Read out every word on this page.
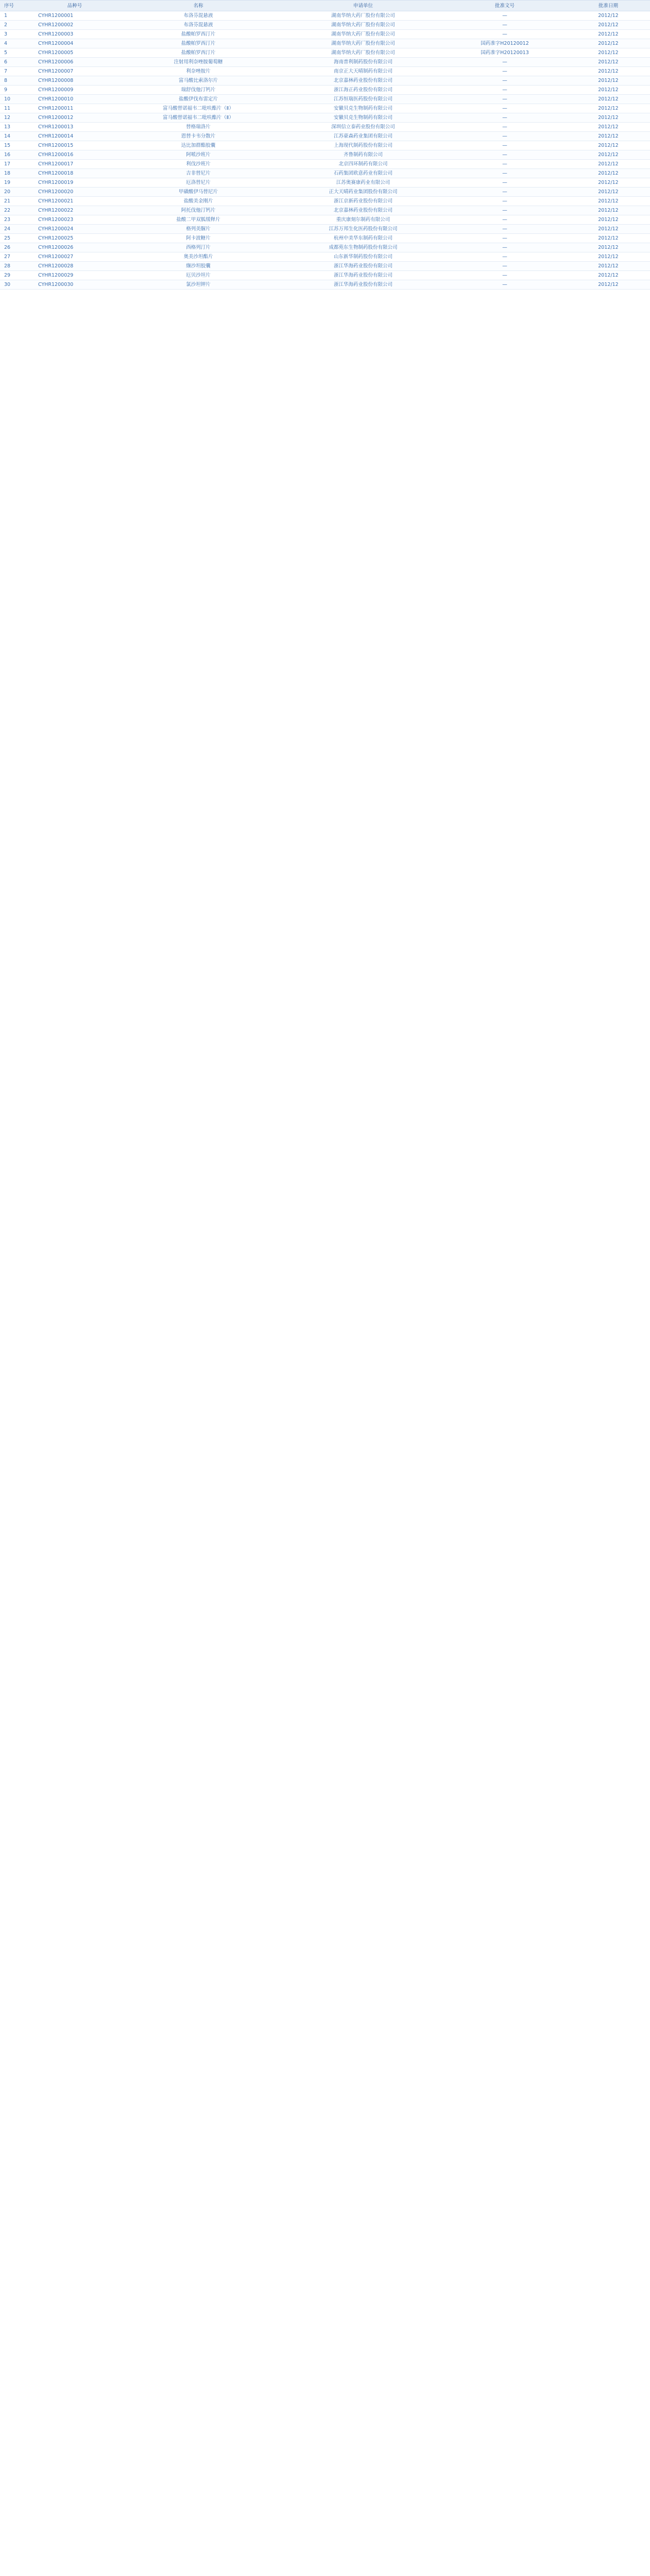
序号	品种号	名称	申请单位	批准文号	批准日期
1	CYHR1200001	布洛芬混悬液	湖南华纳大药厂股份有限公司	—	2012/12
2	CYHR1200002	布洛芬混悬液	湖南华纳大药厂股份有限公司	—	2012/12
3	CYHR1200003	盐酸帕罗西汀片	湖南华纳大药厂股份有限公司	—	2012/12
4	CYHR1200004	盐酸帕罗西汀片	湖南华纳大药厂股份有限公司	国药准字H20120012	2012/12
5	CYHR1200005	盐酸帕罗西汀片	湖南华纳大药厂股份有限公司	国药准字H20120013	2012/12
6	CYHR1200006	注射用利奈唑胺葡萄糖	海南普利制药股份有限公司	—	2012/12
7	CYHR1200007	利奈唑胺片	南京正大天晴制药有限公司	—	2012/12
8	CYHR1200008	富马酸比索洛尔片	北京嘉林药业股份有限公司	—	2012/12
9	CYHR1200009	瑞舒伐他汀钙片	浙江海正药业股份有限公司	—	2012/12
10	CYHR1200010	盐酸伊伐布雷定片	江苏恒瑞医药股份有限公司	—	2012/12
11	CYHR1200011	富马酸替诺福韦二吡呋酯片（Ⅱ）	安徽贝克生物制药有限公司	—	2012/12
12	CYHR1200012	富马酸替诺福韦二吡呋酯片（Ⅱ）	安徽贝克生物制药有限公司	—	2012/12
13	CYHR1200013	替格瑞洛片	深圳信立泰药业股份有限公司	—	2012/12
14	CYHR1200014	恩替卡韦分散片	江苏豪森药业集团有限公司	—	2012/12
15	CYHR1200015	达比加群酯胶囊	上海现代制药股份有限公司	—	2012/12
16	CYHR1200016	阿哌沙班片	齐鲁制药有限公司	—	2012/12
17	CYHR1200017	利伐沙班片	北京四环制药有限公司	—	2012/12
18	CYHR1200018	吉非替尼片	石药集团欧意药业有限公司	—	2012/12
19	CYHR1200019	厄洛替尼片	江苏奥赛康药业有限公司	—	2012/12
20	CYHR1200020	甲磺酸伊马替尼片	正大天晴药业集团股份有限公司	—	2012/12
21	CYHR1200021	盐酸美金刚片	浙江京新药业股份有限公司	—	2012/12
22	CYHR1200022	阿托伐他汀钙片	北京嘉林药业股份有限公司	—	2012/12
23	CYHR1200023	盐酸二甲双胍缓释片	重庆康刻尔制药有限公司	—	2012/12
24	CYHR1200024	格列美脲片	江苏万邦生化医药股份有限公司	—	2012/12
25	CYHR1200025	阿卡波糖片	杭州中美华东制药有限公司	—	2012/12
26	CYHR1200026	西格列汀片	成都苑东生物制药股份有限公司	—	2012/12
27	CYHR1200027	奥美沙坦酯片	山东新华制药股份有限公司	—	2012/12
28	CYHR1200028	缬沙坦胶囊	浙江华海药业股份有限公司	—	2012/12
29	CYHR1200029	厄贝沙坦片	浙江华海药业股份有限公司	—	2012/12
30	CYHR1200030	氯沙坦钾片	浙江华海药业股份有限公司	—	2012/12
